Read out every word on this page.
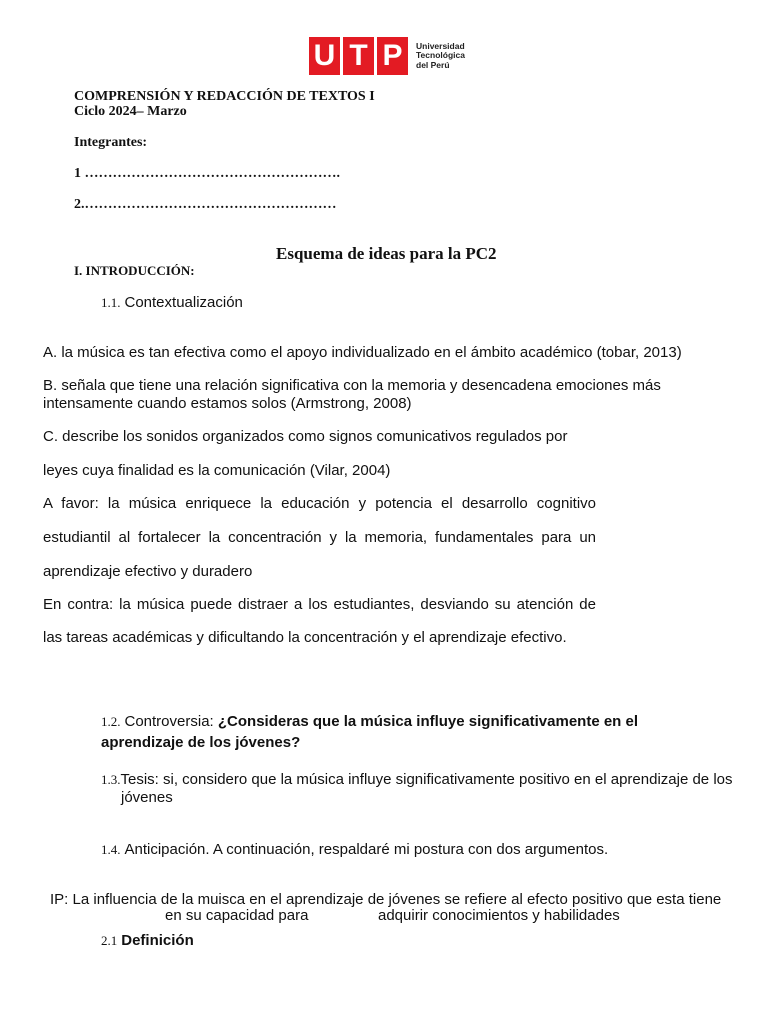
U T P	Universidad
Tecnológica
del Perú
COMPRENSIÓN Y REDACCIÓN DE TEXTOS I
Ciclo 2024– Marzo
Integrantes:
1 ……………………………………………….
2.………………………………………………
Esquema de ideas para la PC2
I. INTRODUCCIÓN:
1.1. Contextualización
A. la música es tan efectiva como el apoyo individualizado en el ámbito académico (tobar, 2013)
B. señala que tiene una relación significativa con la memoria y desencadena emociones más
intensamente cuando estamos solos (Armstrong, 2008)
C. describe los sonidos organizados como signos comunicativos regulados por
leyes cuya finalidad es la comunicación (Vilar, 2004)
A favor: la música enriquece la educación y potencia el desarrollo cognitivo
estudiantil al fortalecer la concentración y la memoria, fundamentales para un
aprendizaje efectivo y duradero
En contra: la música puede distraer a los estudiantes, desviando su atención de
las tareas académicas y dificultando la concentración y el aprendizaje efectivo.
1.2. Controversia: ¿Consideras que la música influye significativamente en el
aprendizaje de los jóvenes?
1.3.Tesis: si, considero que la música influye significativamente positivo en el aprendizaje de los
jóvenes
1.4. Anticipación. A continuación, respaldaré mi postura con dos argumentos.
IP: La influencia de la muisca en el aprendizaje de jóvenes se refiere al efecto positivo que esta tiene
en su capacidad para	adquirir conocimientos y habilidades
2.1 Definición
